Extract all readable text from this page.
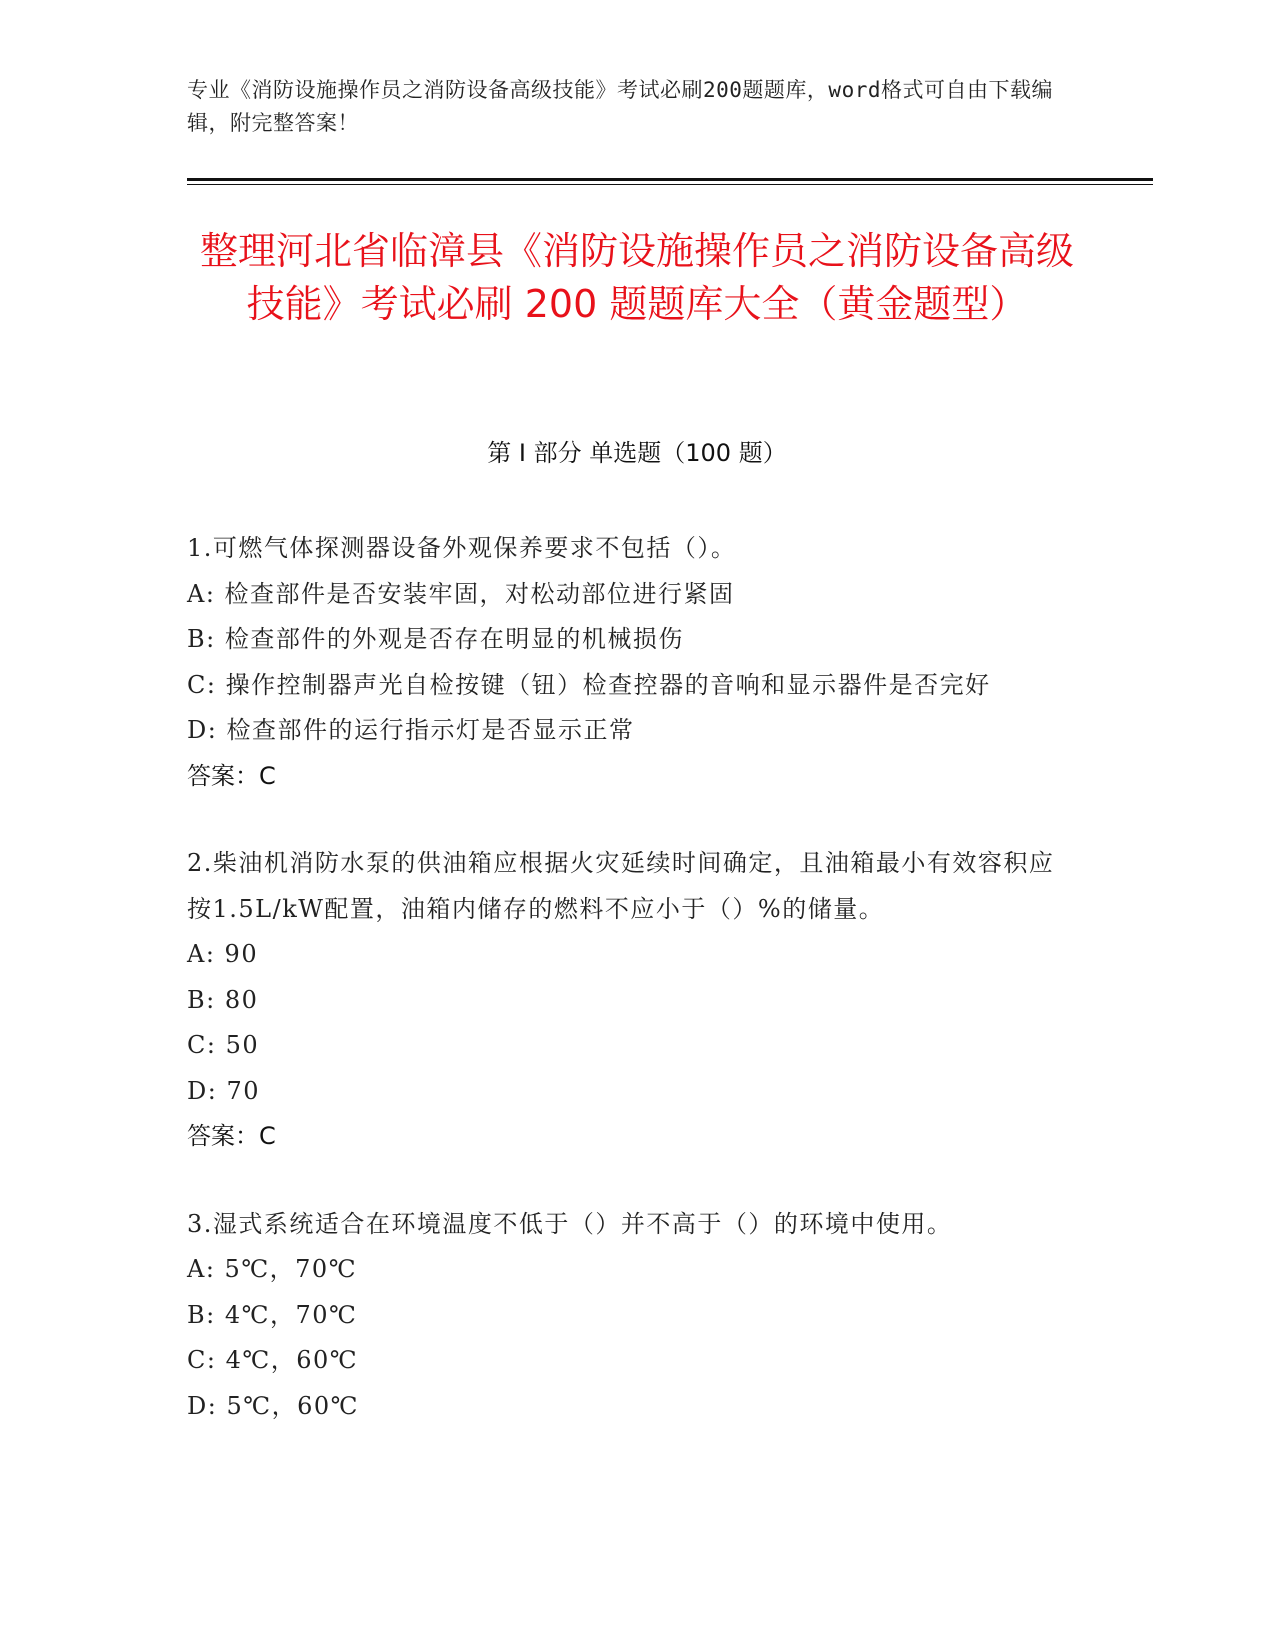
专业《消防设施操作员之消防设备高级技能》考试必刷200题题库，word格式可自由下载编辑，附完整答案！
整理河北省临漳县《消防设施操作员之消防设备高级技能》考试必刷 200 题题库大全（黄金题型）
第 I 部分 单选题（100 题）
1.可燃气体探测器设备外观保养要求不包括（）。
A: 检查部件是否安装牢固，对松动部位进行紧固
B: 检查部件的外观是否存在明显的机械损伤
C: 操作控制器声光自检按键（钮）检查控器的音响和显示器件是否完好
D: 检查部件的运行指示灯是否显示正常
答案：C
2.柴油机消防水泵的供油箱应根据火灾延续时间确定，且油箱最小有效容积应按1.5L/kW配置，油箱内储存的燃料不应小于（）%的储量。
A: 90
B: 80
C: 50
D: 70
答案：C
3.湿式系统适合在环境温度不低于（）并不高于（）的环境中使用。
A: 5℃，70℃
B: 4℃，70℃
C: 4℃，60℃
D: 5℃，60℃
